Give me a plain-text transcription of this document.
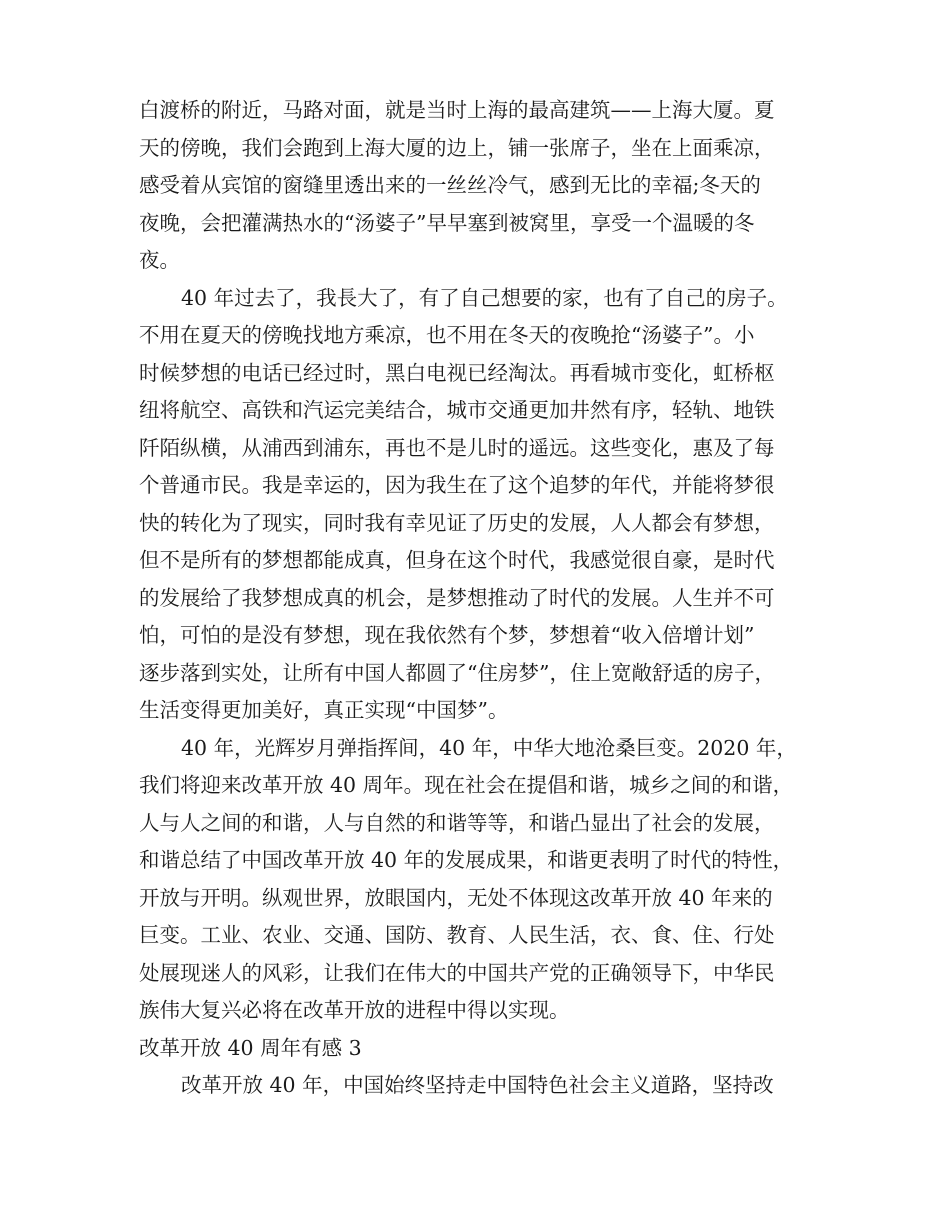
白渡桥的附近，马路对面，就是当时上海的最高建筑——上海大厦。夏
天的傍晚，我们会跑到上海大厦的边上，铺一张席子，坐在上面乘凉，
感受着从宾馆的窗缝里透出来的一丝丝冷气，感到无比的幸福;冬天的
夜晚，会把灌满热水的“汤婆子”早早塞到被窝里，享受一个温暖的冬
夜。
40 年过去了，我長大了，有了自己想要的家，也有了自己的房子。
不用在夏天的傍晚找地方乘凉，也不用在冬天的夜晚抢“汤婆子”。小
时候梦想的电话已经过时，黑白电视已经淘汰。再看城市变化，虹桥枢
纽将航空、高铁和汽运完美结合，城市交通更加井然有序，轻轨、地铁
阡陌纵横，从浦西到浦东，再也不是儿时的遥远。这些变化，惠及了每
个普通市民。我是幸运的，因为我生在了这个追梦的年代，并能将梦很
快的转化为了现实，同时我有幸见证了历史的发展，人人都会有梦想，
但不是所有的梦想都能成真，但身在这个时代，我感觉很自豪，是时代
的发展给了我梦想成真的机会，是梦想推动了时代的发展。人生并不可
怕，可怕的是没有梦想，现在我依然有个梦，梦想着“收入倍增计划”
逐步落到实处，让所有中国人都圆了“住房梦”，住上宽敞舒适的房子，
生活变得更加美好，真正实现“中国梦”。
40 年，光辉岁月弹指挥间，40 年，中华大地沧桑巨变。2020 年，
我们将迎来改革开放 40 周年。现在社会在提倡和谐，城乡之间的和谐，
人与人之间的和谐，人与自然的和谐等等，和谐凸显出了社会的发展，
和谐总结了中国改革开放 40 年的发展成果，和谐更表明了时代的特性，
开放与开明。纵观世界，放眼国内，无处不体现这改革开放 40 年来的
巨变。工业、农业、交通、国防、教育、人民生活，衣、食、住、行处
处展现迷人的风彩，让我们在伟大的中国共产党的正确领导下，中华民
族伟大复兴必将在改革开放的进程中得以实现。
改革开放 40 周年有感 3
改革开放 40 年，中国始终坚持走中国特色社会主义道路，坚持改
